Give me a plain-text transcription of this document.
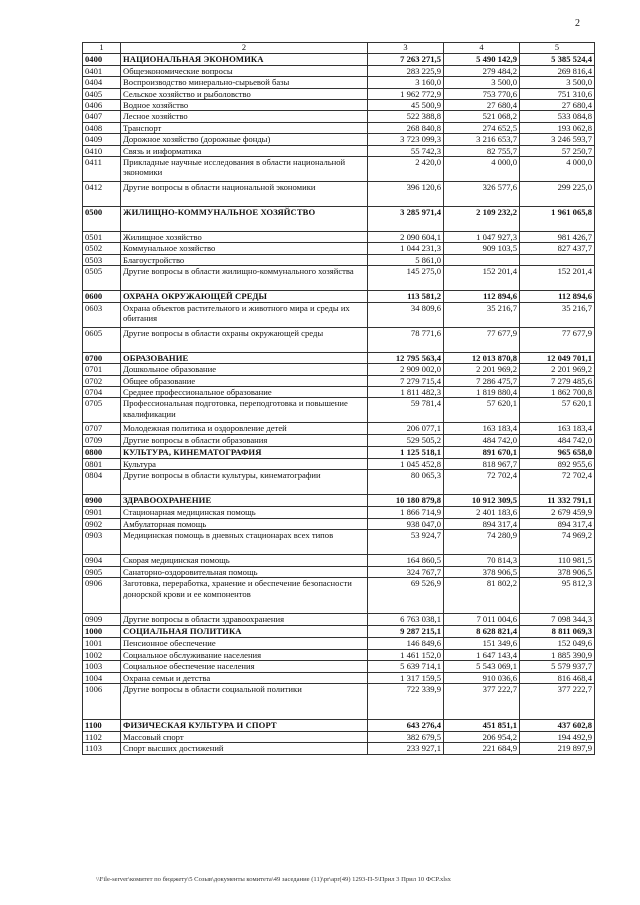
2
1	2	3	4	5
0400	НАЦИОНАЛЬНАЯ ЭКОНОМИКА	7 263 271,5	5 490 142,9	5 385 524,4
0401	Общеэкономические вопросы	283 225,9	279 484,2	269 816,4
0404	Воспроизводство минерально-сырьевой базы	3 160,0	3 500,0	3 500,0
0405	Сельское хозяйство и рыболовство	1 962 772,9	753 770,6	751 310,6
0406	Водное хозяйство	45 500,9	27 680,4	27 680,4
0407	Лесное хозяйство	522 388,8	521 068,2	533 084,8
0408	Транспорт	268 840,8	274 652,5	193 062,8
0409	Дорожное хозяйство (дорожные фонды)	3 723 099,3	3 216 653,7	3 246 593,7
0410	Связь и информатика	55 742,3	82 755,7	57 250,7
0411	Прикладные научные исследования в области национальной экономики	2 420,0	4 000,0	4 000,0
0412	Другие вопросы в области национальной экономики	396 120,6	326 577,6	299 225,0
0500	ЖИЛИЩНО-КОММУНАЛЬНОЕ ХОЗЯЙСТВО	3 285 971,4	2 109 232,2	1 961 065,8
0501	Жилищное хозяйство	2 090 604,1	1 047 927,3	981 426,7
0502	Коммунальное хозяйство	1 044 231,3	909 103,5	827 437,7
0503	Благоустройство	5 861,0		
0505	Другие вопросы в области жилищно-коммунального хозяйства	145 275,0	152 201,4	152 201,4
0600	ОХРАНА ОКРУЖАЮЩЕЙ СРЕДЫ	113 581,2	112 894,6	112 894,6
0603	Охрана объектов растительного и животного мира и среды их обитания	34 809,6	35 216,7	35 216,7
0605	Другие вопросы в области охраны окружающей среды	78 771,6	77 677,9	77 677,9
0700	ОБРАЗОВАНИЕ	12 795 563,4	12 013 870,8	12 049 701,1
0701	Дошкольное образование	2 909 002,0	2 201 969,2	2 201 969,2
0702	Общее образование	7 279 715,4	7 286 475,7	7 279 485,6
0704	Среднее профессиональное образование	1 811 482,3	1 819 880,4	1 862 700,8
0705	Профессиональная подготовка, переподготовка и повышение квалификации	59 781,4	57 620,1	57 620,1
0707	Молодежная политика и оздоровление детей	206 077,1	163 183,4	163 183,4
0709	Другие вопросы в области образования	529 505,2	484 742,0	484 742,0
0800	КУЛЬТУРА, КИНЕМАТОГРАФИЯ	1 125 518,1	891 670,1	965 658,0
0801	Культура	1 045 452,8	818 967,7	892 955,6
0804	Другие вопросы в области культуры, кинематографии	80 065,3	72 702,4	72 702,4
0900	ЗДРАВООХРАНЕНИЕ	10 180 879,8	10 912 309,5	11 332 791,1
0901	Стационарная медицинская помощь	1 866 714,9	2 401 183,6	2 679 459,9
0902	Амбулаторная помощь	938 047,0	894 317,4	894 317,4
0903	Медицинская помощь в дневных стационарах всех типов	53 924,7	74 280,9	74 969,2
0904	Скорая медицинская помощь	164 860,5	70 814,3	110 981,5
0905	Санаторно-оздоровительная помощь	324 767,7	378 906,5	378 906,5
0906	Заготовка, переработка, хранение и обеспечение безопасности донорской крови и ее компонентов	69 526,9	81 802,2	95 812,3
0909	Другие вопросы в области здравоохранения	6 763 038,1	7 011 004,6	7 098 344,3
1000	СОЦИАЛЬНАЯ ПОЛИТИКА	9 287 215,1	8 628 821,4	8 811 069,3
1001	Пенсионное обеспечение	146 849,6	151 349,6	152 049,6
1002	Социальное обслуживание населения	1 461 152,0	1 647 143,4	1 885 390,9
1003	Социальное обеспечение населения	5 639 714,1	5 543 069,1	5 579 937,7
1004	Охрана семьи и детства	1 317 159,5	910 036,6	816 468,4
1006	Другие вопросы в области социальной политики	722 339,9	377 222,7	377 222,7
1100	ФИЗИЧЕСКАЯ КУЛЬТУРА И СПОРТ	643 276,4	451 851,1	437 602,8
1102	Массовый спорт	382 679,5	206 954,2	194 492,9
1103	Спорт высших достижений	233 927,1	221 684,9	219 897,9
\\File-server\комитет по бюджету\5 Созыв\документы комитета\49 заседание (11)\pr\apr(49) 1293-П-5\Прил 3 Прил 10 ФСР.xlsx
